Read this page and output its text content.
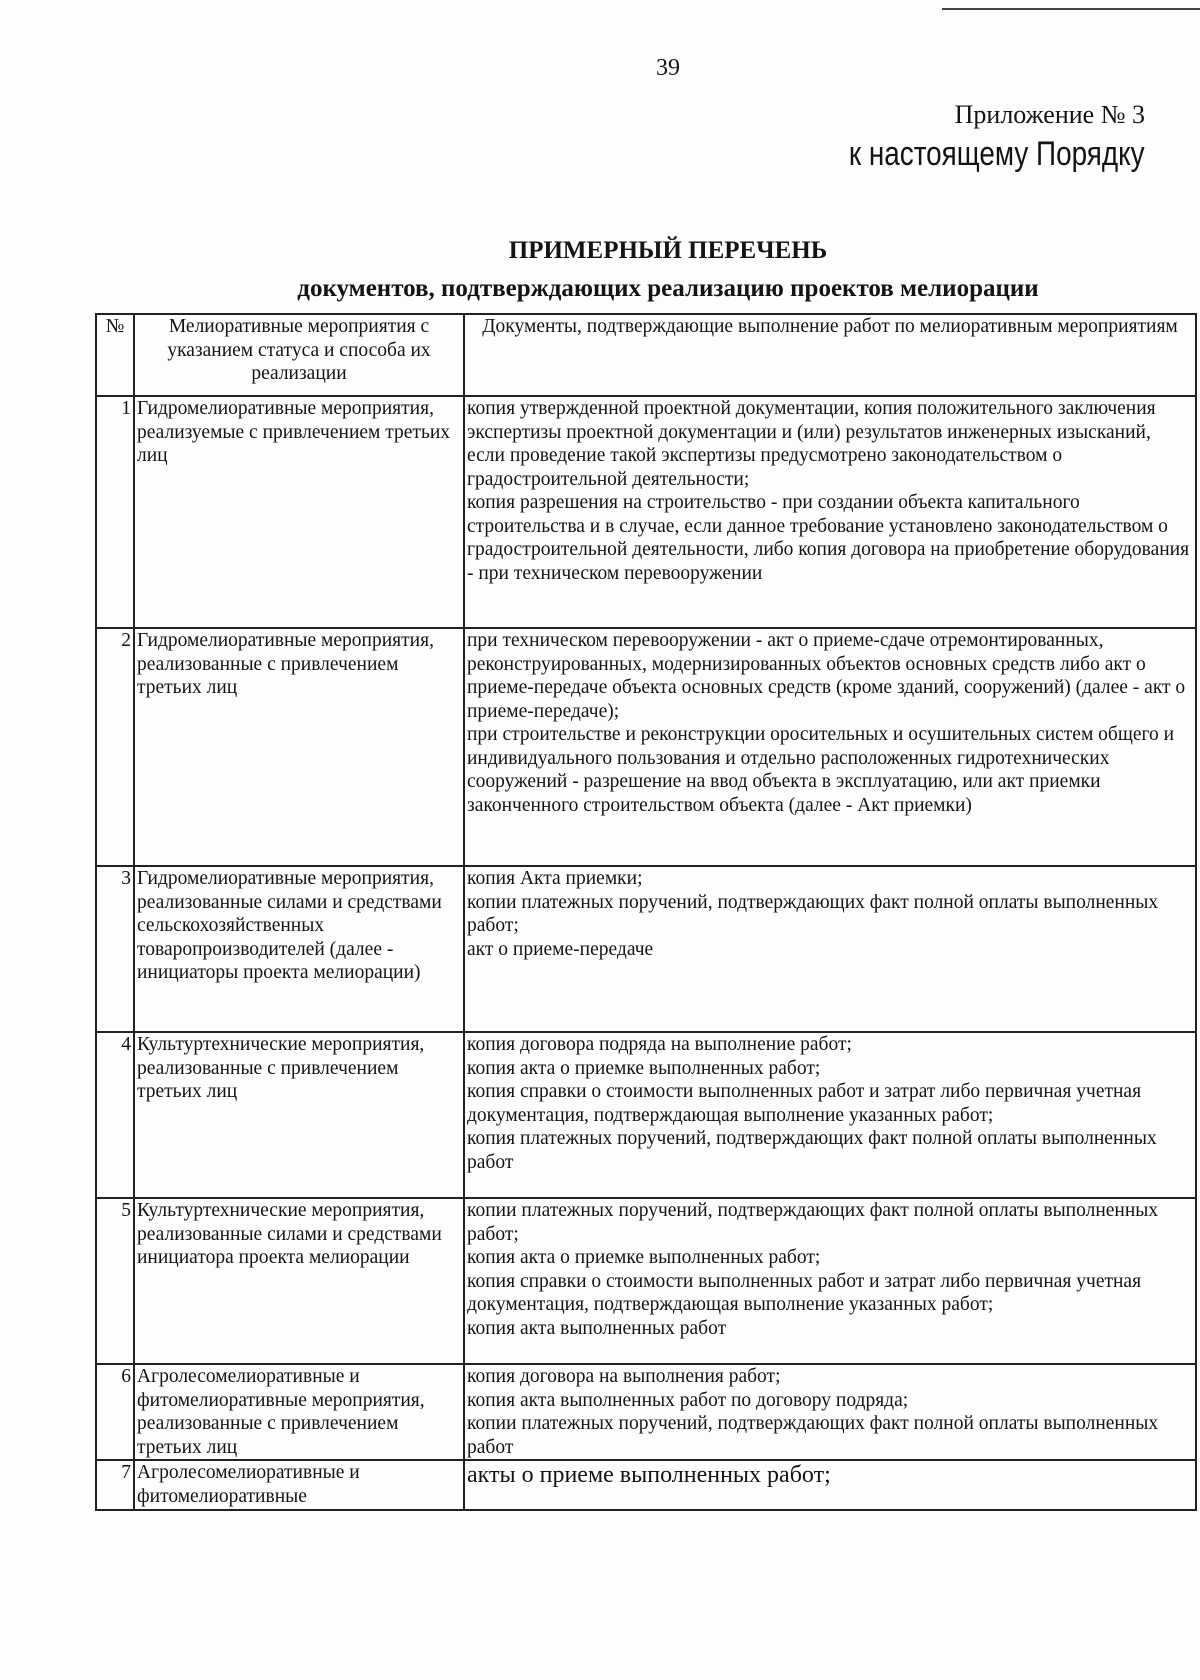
39
Приложение № 3
к настоящему Порядку
ПРИМЕРНЫЙ ПЕРЕЧЕНЬ
документов, подтверждающих реализацию проектов мелиорации
№	Мелиоративные мероприятия с указанием статуса и способа их реализации	Документы, подтверждающие выполнение работ по мелиоративным мероприятиям
1	Гидромелиоративные мероприятия, реализуемые с привлечением третьих лиц	копия утвержденной проектной документации, копия положительного заключения экспертизы проектной документации и (или) результатов инженерных изысканий, если проведение такой экспертизы предусмотрено законодательством о градостроительной деятельности;
копия разрешения на строительство - при создании объекта капитального строительства и в случае, если данное требование установлено законодательством о градостроительной деятельности, либо копия договора на приобретение оборудования - при техническом перевооружении

2	Гидромелиоративные мероприятия, реализованные с привлечением третьих лиц	при техническом перевооружении - акт о приеме-сдаче отремонтированных, реконструированных, модернизированных объектов основных средств либо акт о приеме-передаче объекта основных средств (кроме зданий, сооружений) (далее - акт о приеме-передаче);
при строительстве и реконструкции оросительных и осушительных систем общего и индивидуального пользования и отдельно расположенных гидротехнических сооружений - разрешение на ввод объекта в эксплуатацию, или акт приемки законченного строительством объекта (далее - Акт приемки)

3	Гидромелиоративные мероприятия, реализованные силами и средствами сельскохозяйственных товаропроизводителей (далее - инициаторы проекта мелиорации)	копия Акта приемки;
копии платежных поручений, подтверждающих факт полной оплаты выполненных работ;
акт о приеме-передаче

4	Культуртехнические мероприятия, реализованные с привлечением третьих лиц	копия договора подряда на выполнение работ;
копия акта о приемке выполненных работ;
копия справки о стоимости выполненных работ и затрат либо первичная учетная документация, подтверждающая выполнение указанных работ;
копия платежных поручений, подтверждающих факт полной оплаты выполненных работ

5	Культуртехнические мероприятия, реализованные силами и средствами инициатора проекта мелиорации	копии платежных поручений, подтверждающих факт полной оплаты выполненных работ;
копия акта о приемке выполненных работ;
копия справки о стоимости выполненных работ и затрат либо первичная учетная документация, подтверждающая выполнение указанных работ;
копия акта выполненных работ

6	Агролесомелиоративные и фитомелиоративные мероприятия, реализованные с привлечением третьих лиц	копия договора на выполнения работ;
копия акта выполненных работ по договору подряда;
копии платежных поручений, подтверждающих факт полной оплаты выполненных работ

7	Агролесомелиоративные и фитомелиоративные	акты о приеме выполненных работ;
